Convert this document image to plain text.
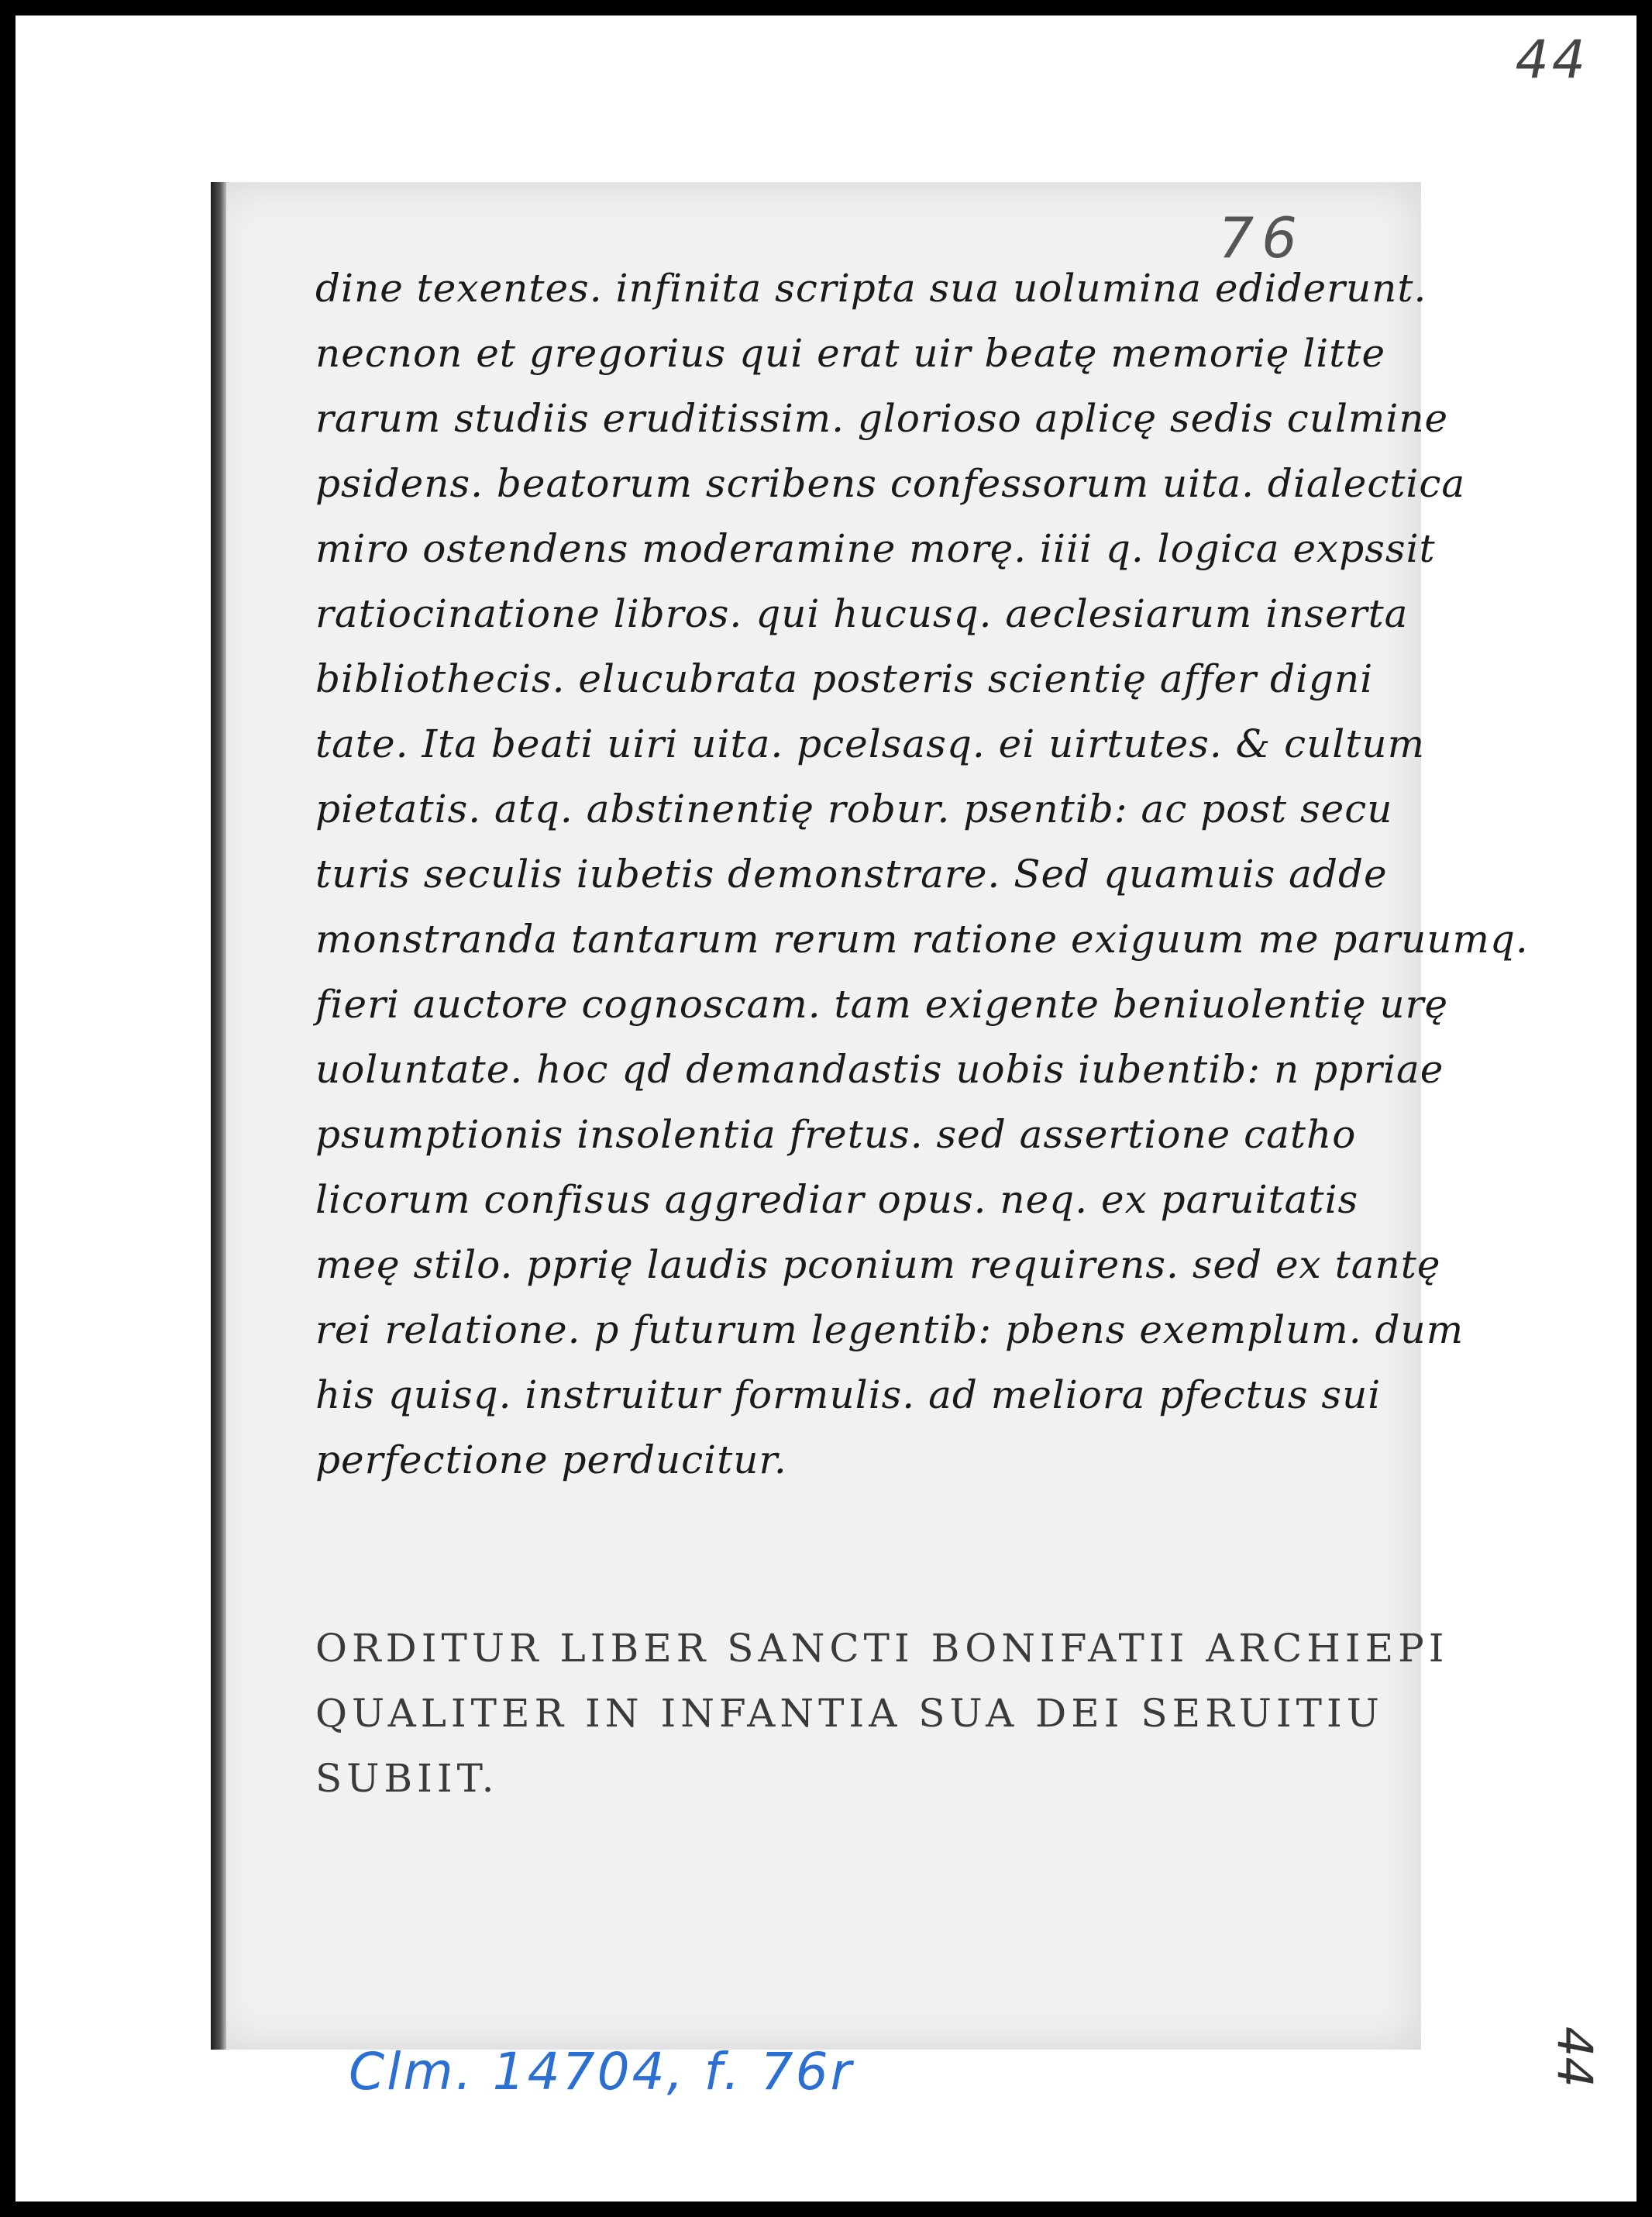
44
76
dine texentes. infinita scripta sua uolumina ediderunt.
necnon et gregorius qui erat uir beatę memorię litte
rarum studiis eruditissim. glorioso aplicę sedis culmine
psidens. beatorum scribens confessorum uita. dialectica
miro ostendens moderamine morę. iiii q. logica expssit
ratiocinatione libros. qui hucusq. aeclesiarum inserta
bibliothecis. elucubrata posteris scientię affer digni
tate. Ita beati uiri uita. pcelsasq. ei uirtutes. & cultum
pietatis. atq. abstinentię robur. psentib: ac post secu
turis seculis iubetis demonstrare. Sed quamuis adde
monstranda tantarum rerum ratione exiguum me paruumq.
fieri auctore cognoscam. tam exigente beniuolentię urę
uoluntate. hoc qd demandastis uobis iubentib: n ppriae
psumptionis insolentia fretus. sed assertione catho
licorum confisus aggrediar opus. neq. ex paruitatis
meę stilo. pprię laudis pconium requirens. sed ex tantę
rei relatione. p futurum legentib: pbens exemplum. dum
his quisq. instruitur formulis. ad meliora pfectus sui
perfectione perducitur.
ORDITUR LIBER SANCTI BONIFATII ARCHIEPI
QUALITER IN INFANTIA SUA DEI SERUITIU
SUBIIT.
Clm. 14704, f. 76r	44
